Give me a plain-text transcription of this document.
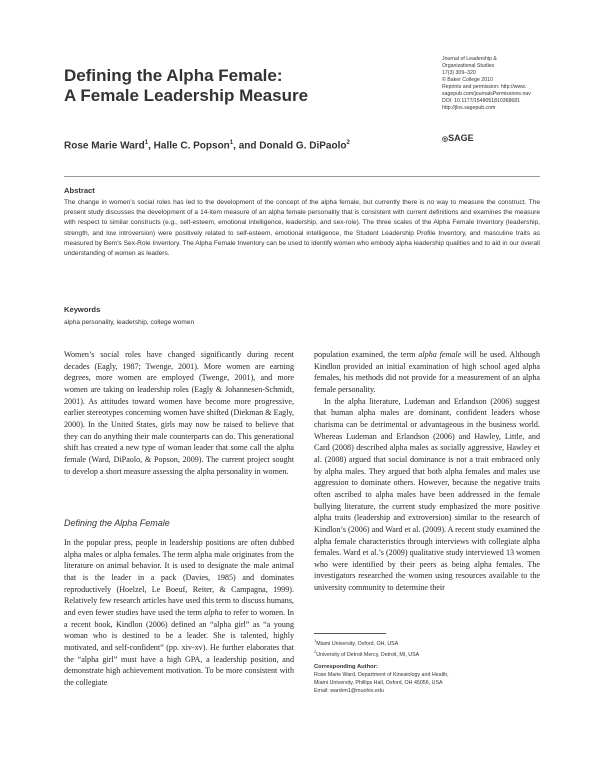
Defining the Alpha Female:
A Female Leadership Measure
Journal of Leadership &
Organizational Studies
17(3) 309–320
© Baker College 2010
Reprints and permission: http://www.
sagepub.com/journalsPermissions.nav
DOI: 10.1177/1548051810368681
http://jlos.sagepub.com
◎SAGE
Rose Marie Ward$^1$, Halle C. Popson$^1$, and Donald G. DiPaolo$^2$
Abstract
The change in women’s social roles has led to the development of the concept of the alpha female, but currently there is no way to measure the construct. The present study discusses the development of a 14-item measure of an alpha female personality that is consistent with current definitions and examines the measure with respect to similar constructs (e.g., self-esteem, emotional intelligence, leadership, and sex-role). The three scales of the Alpha Female Inventory (leadership, strength, and low introversion) were positively related to self-esteem, emotional intelligence, the Student Leadership Profile Inventory, and masculine traits as measured by Bem’s Sex-Role Inventory. The Alpha Female Inventory can be used to identify women who embody alpha leadership qualities and to aid in our overall understanding of women as leaders.
Keywords
alpha personality, leadership, college women

Women’s social roles have changed significantly during recent decades (Eagly, 1987; Twenge, 2001). More women are earning degrees, more women are employed (Twenge, 2001), and more women are taking on leadership roles (Eagly & Johannesen-Schmidt, 2001). As attitudes toward women have become more progressive, earlier stereotypes concerning women have shifted (Diekman & Eagly, 2000). In the United States, girls may now be raised to believe that they can do anything their male counterparts can do. This generational shift has created a new type of woman leader that some call the alpha female (Ward, DiPaolo, & Popson, 2009). The current project sought to develop a short measure assessing the alpha personality in women.

Defining the Alpha Female

In the popular press, people in leadership positions are often dubbed alpha males or alpha females. The term alpha male originates from the literature on animal behavior. It is used to designate the male animal that is the leader in a pack (Davies, 1985) and dominates reproductively (Hoelzel, Le Boeuf, Reiter, & Campagna, 1999). Relatively few research articles have used this term to discuss humans, and even fewer studies have used the term alpha to refer to women. In a recent book, Kindlon (2006) defined an “alpha girl” as “a young woman who is destined to be a leader. She is talented, highly motivated, and self-confident” (pp. xiv-xv). He further elaborates that the “alpha girl” must have a high GPA, a leadership position, and demonstrate high achievement motivation. To be more consistent with the collegiate

population examined, the term alpha female will be used. Although Kindlon provided an initial examination of high school aged alpha females, his methods did not provide for a measurement of an alpha female personality.

In the alpha literature, Ludeman and Erlandson (2006) suggest that human alpha males are dominant, confident leaders whose charisma can be detrimental or advantageous in the business world. Whereas Ludeman and Erlandson (2006) and Hawley, Little, and Card (2008) described alpha males as socially aggressive, Hawley et al. (2008) argued that social dominance is not a trait embraced only by alpha males. They argued that both alpha females and males use aggression to dominate others. However, because the negative traits often ascribed to alpha males have been addressed in the female bullying literature, the current study emphasized the more positive alpha traits (leadership and extroversion) similar to the research of Kindlon’s (2006) and Ward et al. (2009). A recent study examined the alpha female characteristics through interviews with collegiate alpha females. Ward et al.’s (2009) qualitative study interviewed 13 women who were identified by their peers as being alpha females. The investigators researched the women using resources available to the university community to determine their

$^1$Miami University, Oxford, OH, USA
$^2$University of Detroit Mercy, Detroit, MI, USA
Corresponding Author:
Rose Marie Ward, Department of Kinesiology and Health,
Miami University, Phillips Hall, Oxford, OH 45056, USA
Email: wardrm1@muohio.edu
